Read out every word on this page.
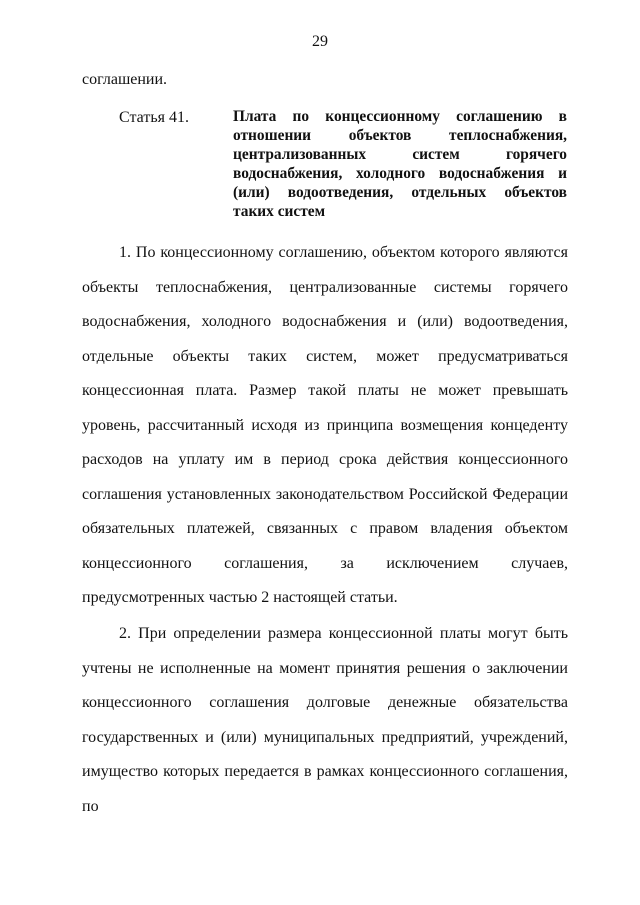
29
соглашении.
Статья 41.	Плата по концессионному соглашению в отношении объектов теплоснабжения, централизованных систем горячего водоснабжения, холодного водоснабжения и (или) водоотведения, отдельных объектов таких систем

1. По концессионному соглашению, объектом которого являются объекты теплоснабжения, централизованные системы горячего водоснабжения, холодного водоснабжения и (или) водоотведения, отдельные объекты таких систем, может предусматриваться концессионная плата. Размер такой платы не может превышать уровень, рассчитанный исходя из принципа возмещения концеденту расходов на уплату им в период срока действия концессионного соглашения установленных законодательством Российской Федерации обязательных платежей, связанных с правом владения объектом концессионного соглашения, за исключением случаев, предусмотренных частью 2 настоящей статьи.

2. При определении размера концессионной платы могут быть учтены не исполненные на момент принятия решения о заключении концессионного соглашения долговые денежные обязательства государственных и (или) муниципальных предприятий, учреждений, имущество которых передается в рамках концессионного соглашения, по
